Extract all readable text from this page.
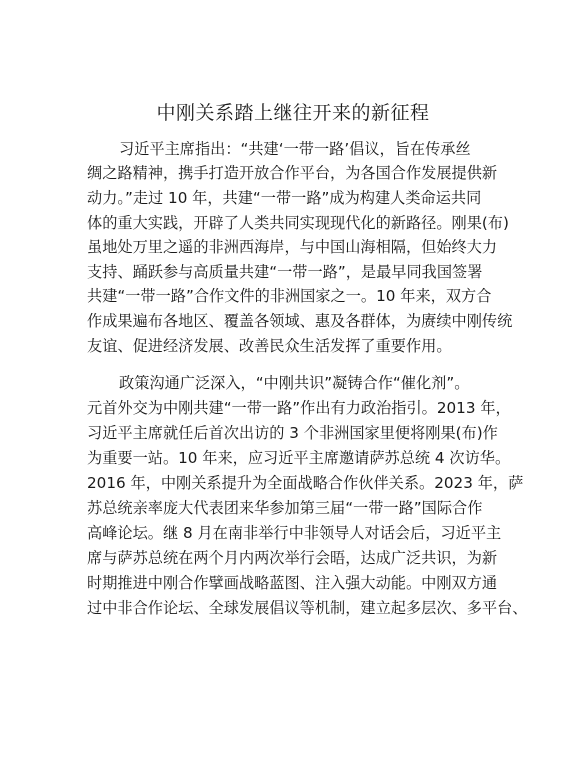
中刚关系踏上继往开来的新征程
习近平主席指出：“共建‘一带一路’倡议，旨在传承丝
绸之路精神，携手打造开放合作平台，为各国合作发展提供新
动力。”走过 10 年，共建“一带一路”成为构建人类命运共同
体的重大实践，开辟了人类共同实现现代化的新路径。刚果(布)
虽地处万里之遥的非洲西海岸，与中国山海相隔，但始终大力
支持、踊跃参与高质量共建“一带一路”，是最早同我国签署
共建“一带一路”合作文件的非洲国家之一。10 年来，双方合
作成果遍布各地区、覆盖各领域、惠及各群体，为赓续中刚传统
友谊、促进经济发展、改善民众生活发挥了重要作用。
政策沟通广泛深入，“中刚共识”凝铸合作“催化剂”。
元首外交为中刚共建“一带一路”作出有力政治指引。2013 年，
习近平主席就任后首次出访的 3 个非洲国家里便将刚果(布)作
为重要一站。10 年来，应习近平主席邀请萨苏总统 4 次访华。
2016 年，中刚关系提升为全面战略合作伙伴关系。2023 年，萨
苏总统亲率庞大代表团来华参加第三届“一带一路”国际合作
高峰论坛。继 8 月在南非举行中非领导人对话会后，习近平主
席与萨苏总统在两个月内两次举行会晤，达成广泛共识，为新
时期推进中刚合作擘画战略蓝图、注入强大动能。中刚双方通
过中非合作论坛、全球发展倡议等机制，建立起多层次、多平台、
